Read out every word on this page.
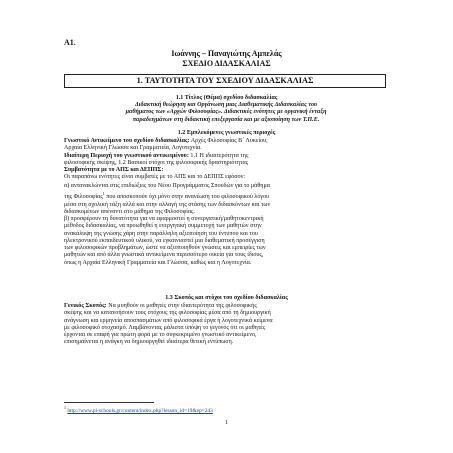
Α1.
Ιωάννης – Παναγιώτης Αμπελάς
ΣΧΕΔΙΟ ΔΙΔΑΣΚΑΛΙΑΣ
1. ΤΑΥΤΟΤΗΤΑ ΤΟΥ ΣΧΕΔΙΟΥ ΔΙΔΑΣΚΑΛΙΑΣ
1.1 Τίτλος (Θέμα) σχεδίου διδασκαλίας
Διδακτική θεώρηση και Οργάνωση μιας Διαθεματικής Διδασκαλίας του
μαθήματος των «Αρχών Φιλοσοφίας». Διδακτικές ενότητες με οργανική ένταξη
παραδειγμάτων στη διδακτική επεξεργασία και με αξιοποίηση των Τ.Π.Ε.
1.2 Εμπλεκόμενες γνωστικές περιοχές
Γνωστικό Αντικείμενο του σχεδίου διδασκαλίας: Αρχές Φιλοσοφίας Β΄ Λυκείου,
Αρχαία Ελληνική Γλώσσα και Γραμματεία, Λογοτεχνία.
Ιδιαίτερη Περιοχή του γνωστικού αντικειμένου: 1.1 Η ιδιαιτερότητα της
φιλοσοφικής σκέψης, 1.2 Βασικοί στόχοι της φιλοσοφικής δραστηριότητας
Συμβατότητα με το ΑΠΣ και ΔΕΠΠΣ:
Οι παραπάνω ενότητες είναι συμβατές με το ΑΠΣ και το ΔΕΠΠΣ εφόσον:
α) αντανακλώνται στις επιδιώξεις του Νέου Προγράμματος Σπουδών για το μάθημα
της Φιλοσοφίας$^1$ που αποσκοπούν όχι μόνο στην ανανέωση του φιλοσοφικού λόγου
μέσα στη σχολική τάξη αλλά και στην αλλαγή της στάσης των διδασκόντων και των
διδασκομένων απέναντι στο μάθημα της Φιλοσοφίας.
β) προσφέρουν τη δυνατότητα για να εφαρμοστεί η συνεργατική/μαθητοκεντρική
μέθοδος διδασκαλίας, να προωθηθεί η ενεργητική συμμετοχή των μαθητών στην
ανακάλυψη της γνώσης χάρη στην παράλληλη αξιοποίηση του έντυπου και του
ηλεκτρονικού εκπαιδευτικού υλικού, να εγκαινιαστεί μια διαθεματική προσέγγιση
των φιλοσοφικών προβλημάτων, ώστε να αξιοποιηθούν γνώσεις και εμπειρίες των
μαθητών και από άλλα γνωστικά αντικείμενα περισσότερο οικεία για τους ίδιους,
όπως η Αρχαία Ελληνική Γραμματεία και Γλώσσα, καθώς και η Λογοτεχνία.
1.3 Σκοπός και στόχοι του σχεδίου διδασκαλίας
Γενικός Σκοπός: Να μυηθούν οι μαθητές στην ιδιαιτερότητα της φιλοσοφικής
σκέψης και να κατανοήσουν τους στόχους της φιλοσοφίας μέσα από τη δημιουργική
ανάγνωση και ερμηνεία αποσπασμάτων από φιλοσοφικά έργα ή λογοτεχνικά κείμενα
με φιλοσοφικό στοχασμό. Λαμβάνοντας μάλιστα υπόψη το γεγονός ότι οι μαθητές
έρχονται σε επαφή για πρώτη φορά με το συγκεκριμένο γνωστικό αντικείμενο,
επισημαίνεται η ανάγκη να δημιουργηθεί ιδιαίτερα θετική εντύπωση.
$^1$ http://www.pi-schools.gr/content/index.php?lesson_id=19&ep=243
1
